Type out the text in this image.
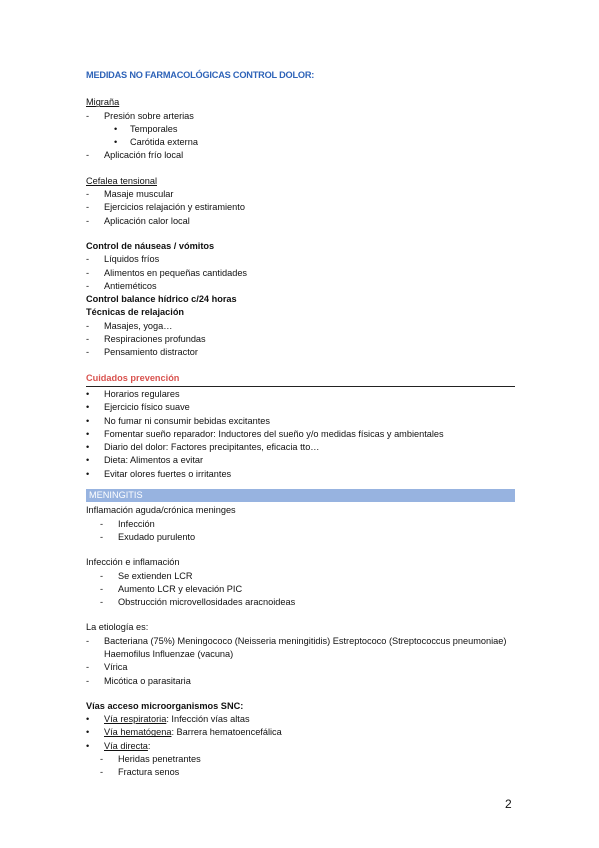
MEDIDAS NO FARMACOLÓGICAS CONTROL DOLOR:
Migraña
-	Presión sobre arterias
•	Temporales
•	Carótida externa
-	Aplicación frío local
Cefalea tensional
-	Masaje muscular
-	Ejercicios relajación y estiramiento
-	Aplicación calor local
Control de náuseas / vómitos
-	Líquidos fríos
-	Alimentos en pequeñas cantidades
-	Antieméticos
Control balance hídrico c/24 horas
Técnicas de relajación
-	Masajes, yoga…
-	Respiraciones profundas
-	Pensamiento distractor
Cuidados prevención
•	Horarios regulares
•	Ejercicio físico suave
•	No fumar ni consumir bebidas excitantes
•	Fomentar sueño reparador: Inductores del sueño y/o medidas físicas y ambientales
•	Diario del dolor: Factores precipitantes, eficacia tto…
•	Dieta: Alimentos a evitar
•	Evitar olores fuertes o irritantes
MENINGITIS
Inflamación aguda/crónica meninges
-	Infección
-	Exudado purulento
Infección e inflamación
-	Se extienden LCR
-	Aumento LCR y elevación PIC
-	Obstrucción microvellosidades aracnoideas
La etiología es:
-	Bacteriana (75%) Meningococo (Neisseria meningitidis) Estreptococo (Streptococcus pneumoniae) Haemofilus Influenzae (vacuna)
-	Vírica
-	Micótica o parasitaria
Vías acceso microorganismos SNC:
•	Vía respiratoria: Infección vías altas
•	Vía hematógena: Barrera hematoencefálica
•	Vía directa:
-	Heridas penetrantes
-	Fractura senos
2
